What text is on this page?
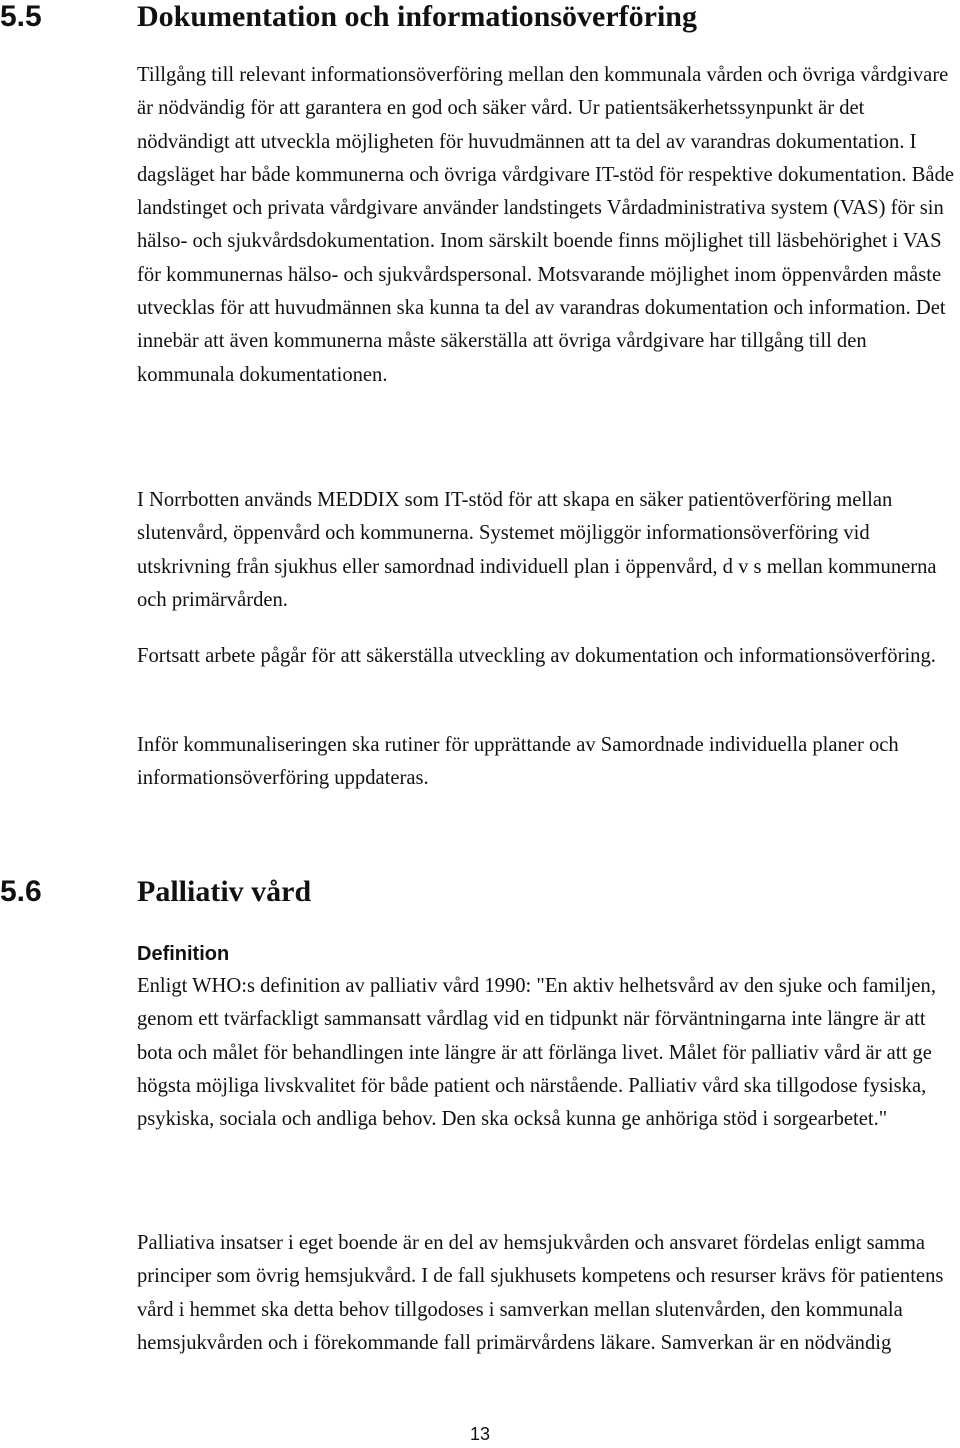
5.5	Dokumentation och informationsöverföring

Tillgång till relevant informationsöverföring mellan den kommunala vården och övriga vårdgivare är nödvändig för att garantera en god och säker vård. Ur patientsäkerhetssynpunkt är det nödvändigt att utveckla möjligheten för huvudmännen att ta del av varandras dokumentation. I dagsläget har både kommunerna och övriga vårdgivare IT-stöd för respektive dokumentation. Både landstinget och privata vårdgivare använder landstingets Vårdadministrativa system (VAS) för sin hälso- och sjukvårdsdokumentation. Inom särskilt boende finns möjlighet till läsbehörighet i VAS för kommunernas hälso- och sjukvårdspersonal. Motsvarande möjlighet inom öppenvården måste utvecklas för att huvudmännen ska kunna ta del av varandras dokumentation och information. Det innebär att även kommunerna måste säkerställa att övriga vårdgivare har tillgång till den kommunala dokumentationen.

I Norrbotten används MEDDIX som IT-stöd för att skapa en säker patientöverföring mellan slutenvård, öppenvård och kommunerna. Systemet möjliggör informationsöverföring vid utskrivning från sjukhus eller samordnad individuell plan i öppenvård, d v s mellan kommunerna och primärvården.

Fortsatt arbete pågår för att säkerställa utveckling av dokumentation och informationsöverföring.

Inför kommunaliseringen ska rutiner för upprättande av Samordnade individuella planer och informationsöverföring uppdateras.

5.6	Palliativ vård
Definition

Enligt WHO:s definition av palliativ vård 1990: "En aktiv helhetsvård av den sjuke och familjen, genom ett tvärfackligt sammansatt vårdlag vid en tidpunkt när förväntningarna inte längre är att bota och målet för behandlingen inte längre är att förlänga livet. Målet för palliativ vård är att ge högsta möjliga livskvalitet för både patient och närstående. Palliativ vård ska tillgodose fysiska, psykiska, sociala och andliga behov. Den ska också kunna ge anhöriga stöd i sorgearbetet."

Palliativa insatser i eget boende är en del av hemsjukvården och ansvaret fördelas enligt samma principer som övrig hemsjukvård. I de fall sjukhusets kompetens och resurser krävs för patientens vård i hemmet ska detta behov tillgodoses i samverkan mellan slutenvården, den kommunala hemsjukvården och i förekommande fall primärvårdens läkare. Samverkan är en nödvändig

13
